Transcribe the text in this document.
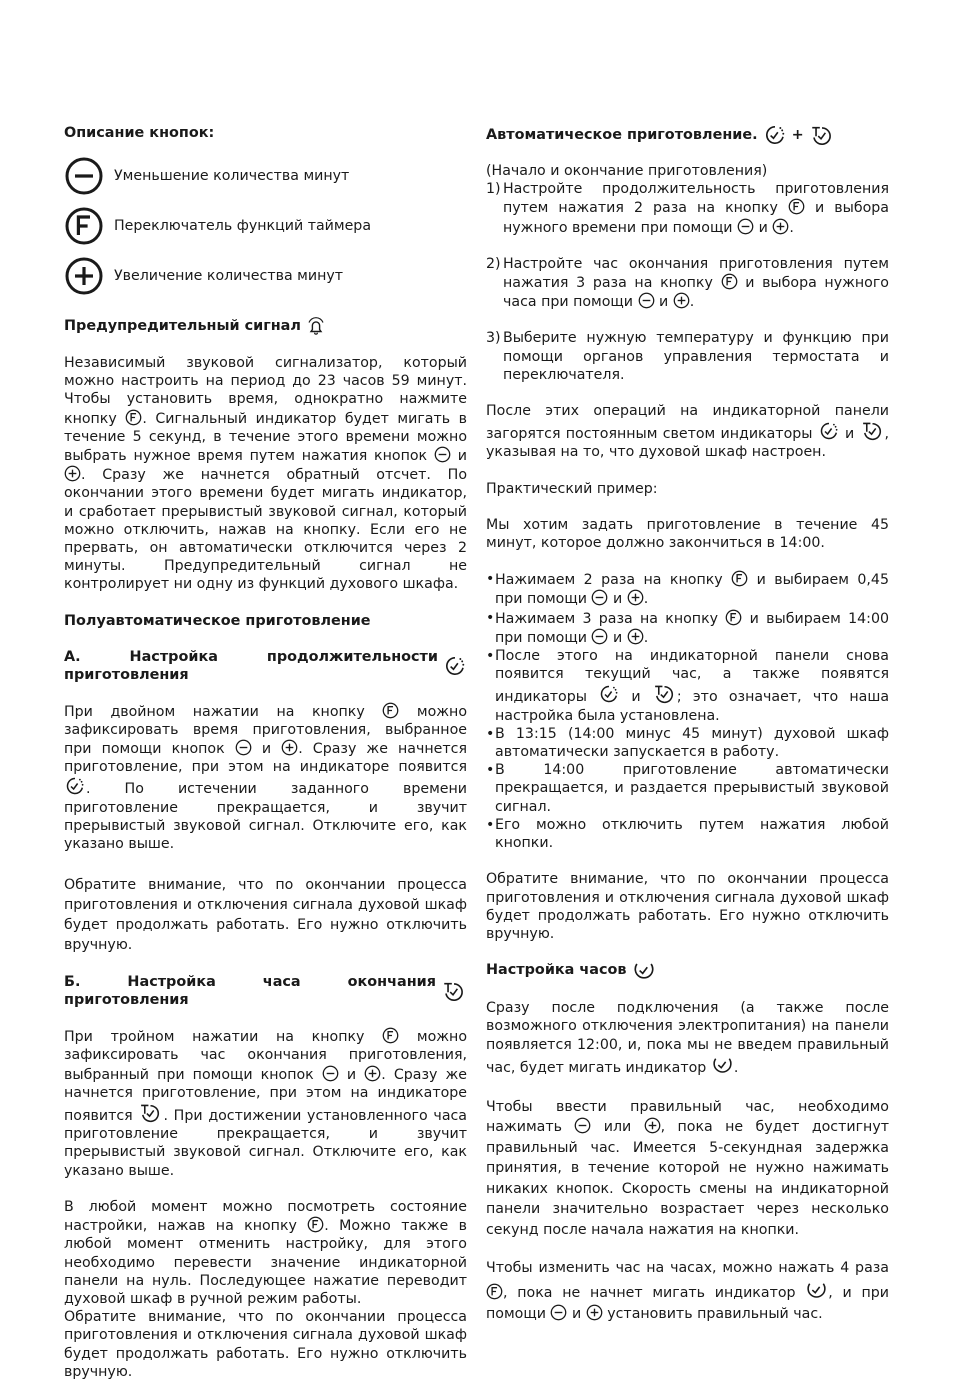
Описание кнопок:

Уменьшение количества минут
Переключатель функций таймера
Увеличение количества минут

Предупредительный сигнал

Независимый звуковой сигнализатор, который можно настроить на период до 23 часов 59 минут. Чтобы установить время, однократно нажмите кнопку . Сигнальный индикатор будет мигать в течение 5 секунд, в течение этого времени можно выбрать нужное время путем нажатия кнопок и
. Сразу же начнется обратный отсчет. По окончании этого времени будет мигать индикатор, и сработает прерывистый звуковой сигнал, который можно отключить, нажав на кнопку. Если его не прервать, он автоматически отключится через 2 минуты. Предупредительный сигнал не контролирует ни одну из функций духового шкафа.

Полуавтоматическое приготовление

А. Настройка продолжительности приготовления

При двойном нажатии на кнопку	можно зафиксировать время приготовления, выбранное при помощи кнопок	и . Сразу же начнется приготовление, при этом на индикаторе появится
. По истечении заданного времени приготовление прекращается, и звучит прерывистый звуковой сигнал. Отключите его, как указано выше.

Обратите внимание, что по окончании процесса приготовления и отключения сигнала духовой шкаф будет продолжать работать. Его нужно отключить вручную.

Б. Настройка часа окончания приготовления

При тройном нажатии на кнопку	можно зафиксировать час окончания приготовления, выбранный при помощи кнопок и . Сразу же начнется приготовление, при этом на индикаторе появится . При достижении установленного часа приготовление прекращается, и звучит прерывистый звуковой сигнал. Отключите его, как указано выше.

В любой момент можно посмотреть состояние настройки, нажав на кнопку . Можно также в любой момент отменить настройку, для этого необходимо перевести значение индикаторной панели на нуль. Последующее нажатие переводит духовой шкаф в ручной режим работы.

Обратите внимание, что по окончании процесса приготовления и отключения сигнала духовой шкаф будет продолжать работать. Его нужно отключить вручную.

Автоматическое приготовление.

+

(Начало и окончание приготовления)

1) Настройте продолжительность приготовления путем нажатия 2 раза на кнопку	и выбора нужного времени при помощи и .

2) Настройте час окончания приготовления путем нажатия 3 раза на кнопку и выбора нужного часа при помощи и .

3) Выберите нужную температуру и функцию при помощи органов управления термостата и переключателя.

После этих операций на индикаторной панели загорятся постоянным светом индикаторы и , указывая на то, что духовой шкаф настроен.

Практический пример:

Мы хотим задать приготовление в течение 45 минут, которое должно закончиться в 14:00.

• Нажимаем 2 раза на кнопку и выбираем 0,45 при помощи и .

• Нажимаем 3 раза на кнопку и выбираем 14:00 при помощи и .

• После этого на индикаторной панели снова появится текущий час, а также появятся индикаторы	и	; это означает, что наша настройка была установлена.

• В 13:15 (14:00 минус 45 минут) духовой шкаф автоматически запускается в работу.

• В 14:00 приготовление автоматически прекращается, и раздается прерывистый звуковой сигнал.

• Его можно отключить путем нажатия любой кнопки.

Обратите внимание, что по окончании процесса приготовления и отключения сигнала духовой шкаф будет продолжать работать. Его нужно отключить вручную.

Настройка часов

Сразу после подключения (а также после возможного отключения электропитания) на панели появляется 12:00, и, пока мы не введем правильный час, будет мигать индикатор .

Чтобы ввести правильный час, необходимо нажимать	или , пока не будет достигнут правильный час. Имеется 5-секундная задержка принятия, в течение которой не нужно нажимать никаких кнопок. Скорость смены на индикаторной панели значительно возрастает через несколько секунд после начала нажатия на кнопки.

Чтобы изменить час на часах, можно нажать 4 раза
, пока не начнет мигать индикатор , и при помощи и установить правильный час.
